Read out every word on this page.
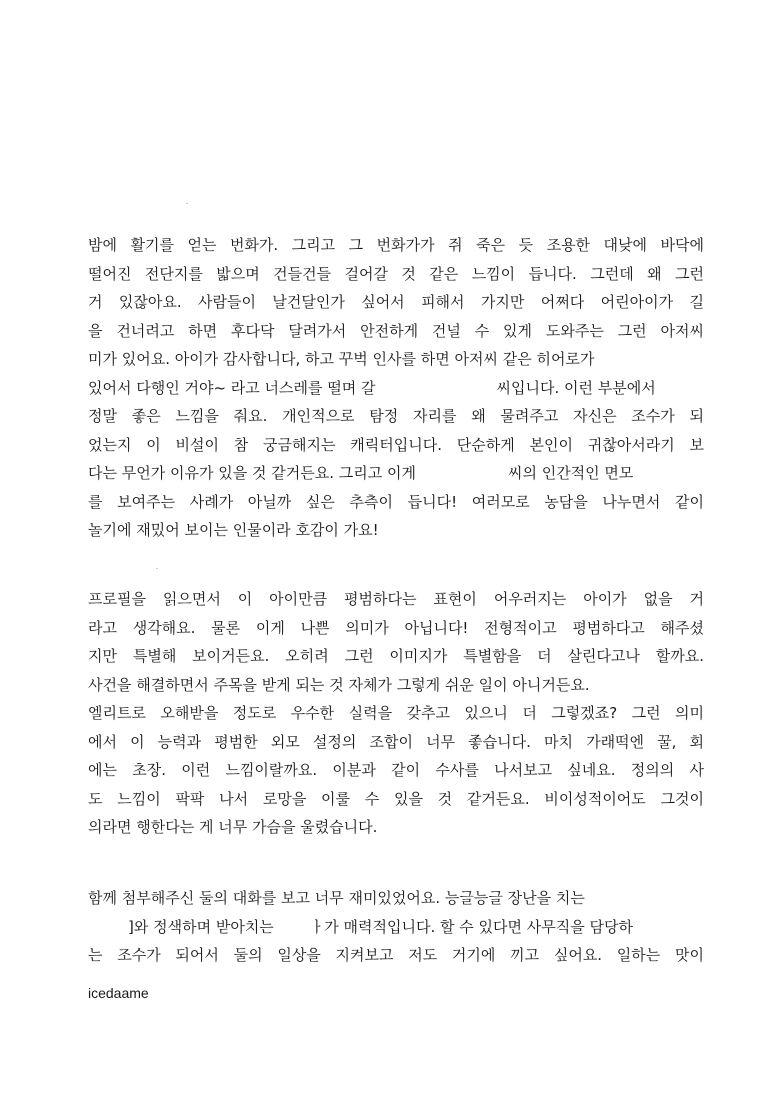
밤에 활기를 얻는 번화가. 그리고 그 번화가가 쥐 죽은 듯 조용한 대낮에 바닥에
떨어진 전단지를 밟으며 건들건들 걸어갈 것 같은 느낌이 듭니다. 그런데 왜 그런
거 있잖아요. 사람들이 날건달인가 싶어서 피해서 가지만 어쩌다 어린아이가 길
을 건너려고 하면 후다닥 달려가서 안전하게 건널 수 있게 도와주는 그런 아저씨
미가 있어요. 아이가 감사합니다, 하고 꾸벅 인사를 하면 아저씨 같은 히어로가
있어서 다행인 거야~ 라고 너스레를 떨며 갈	씨입니다. 이런 부분에서
정말 좋은 느낌을 줘요. 개인적으로 탐정 자리를 왜 물려주고 자신은 조수가 되
었는지 이 비설이 참 궁금해지는 캐릭터입니다. 단순하게 본인이 귀찮아서라기 보
다는 무언가 이유가 있을 것 같거든요. 그리고 이게	씨의 인간적인 면모
를 보여주는 사례가 아닐까 싶은 추측이 듭니다! 여러모로 농담을 나누면서 같이
놀기에 재밌어 보이는 인물이라 호감이 가요!
프로필을 읽으면서 이 아이만큼 평범하다는 표현이 어우러지는 아이가 없을 거
라고 생각해요. 물론 이게 나쁜 의미가 아닙니다! 전형적이고 평범하다고 해주셨
지만 특별해 보이거든요. 오히려 그런 이미지가 특별함을 더 살린다고나 할까요.
사건을 해결하면서 주목을 받게 되는 것 자체가 그렇게 쉬운 일이 아니거든요.
엘리트로 오해받을 정도로 우수한 실력을 갖추고 있으니 더 그렇겠죠? 그런 의미
에서 이 능력과 평범한 외모 설정의 조합이 너무 좋습니다. 마치 가래떡엔 꿀, 회
에는 초장. 이런 느낌이랄까요. 이분과 같이 수사를 나서보고 싶네요. 정의의 사
도 느낌이 팍팍 나서 로망을 이룰 수 있을 것 같거든요. 비이성적이어도 그것이
의라면 행한다는 게 너무 가슴을 울렸습니다.
함께 첨부해주신 둘의 대화를 보고 너무 재미있었어요. 능글능글 장난을 치는
]와 정색하며 받아치는 ㅏ가 매력적입니다. 할 수 있다면 사무직을 담당하
는 조수가 되어서 둘의 일상을 지켜보고 저도 거기에 끼고 싶어요. 일하는 맛이
icedaame
